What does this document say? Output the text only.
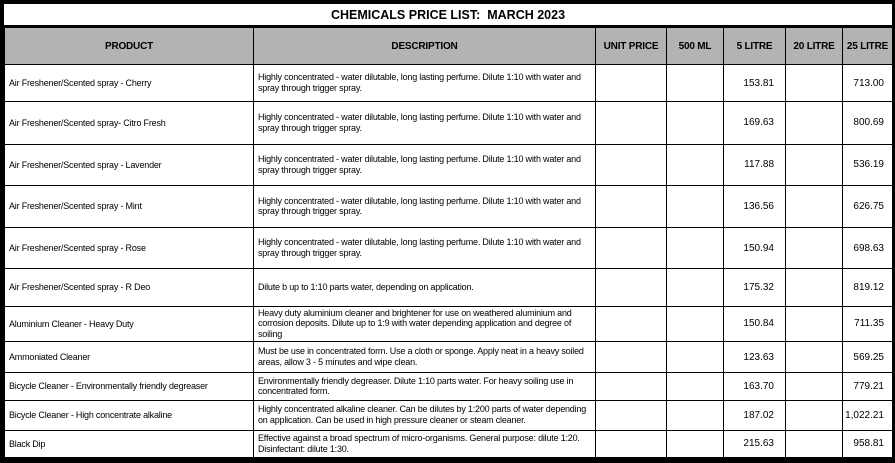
CHEMICALS PRICE LIST:  MARCH 2023
PRODUCT	DESCRIPTION	UNIT PRICE	500 ML	5 LITRE	20 LITRE	25 LITRE
Air Freshener/Scented spray - Cherry	Highly concentrated - water dilutable, long lasting perfume. Dilute 1:10 with water and spray through trigger spray.			153.81		713.00
Air Freshener/Scented spray- Citro Fresh	Highly concentrated - water dilutable, long lasting perfume. Dilute 1:10 with water and spray through trigger spray.			169.63		800.69
Air Freshener/Scented spray - Lavender	Highly concentrated - water dilutable, long lasting perfume. Dilute 1:10 with water and spray through trigger spray.			117.88		536.19
Air Freshener/Scented spray - Mint	Highly concentrated - water dilutable, long lasting perfume. Dilute 1:10 with water and spray through trigger spray.			136.56		626.75
Air Freshener/Scented spray - Rose	Highly concentrated - water dilutable, long lasting perfume. Dilute 1:10 with water and spray through trigger spray.			150.94		698.63
Air Freshener/Scented spray - R Deo	Dilute b up to 1:10 parts water, depending on application.			175.32		819.12
Aluminium Cleaner - Heavy Duty	Heavy duty aluminium cleaner and brightener for use on weathered aluminium and corrosion deposits. Dilute up to 1:9 with water depending application and degree of soiling			150.84		711.35
Ammoniated Cleaner	Must be use in concentrated form. Use a cloth or sponge. Apply neat in a heavy soiled areas, allow 3 - 5 minutes and wipe clean.			123.63		569.25
Bicycle Cleaner - Environmentally friendly degreaser	Environmentally friendly degreaser. Dilute 1:10 parts water. For heavy soiling use in concentrated form.			163.70		779.21
Bicycle Cleaner - High concentrate alkaline	Highly concentrated alkaline cleaner. Can be dilutes by 1:200 parts of water depending on application. Can be used in high pressure cleaner or steam cleaner.			187.02		1,022.21
Black Dip	Effective against a broad spectrum of micro-organisms. General purpose: dilute 1:20. Disinfectant: dilute 1:30.			215.63		958.81
